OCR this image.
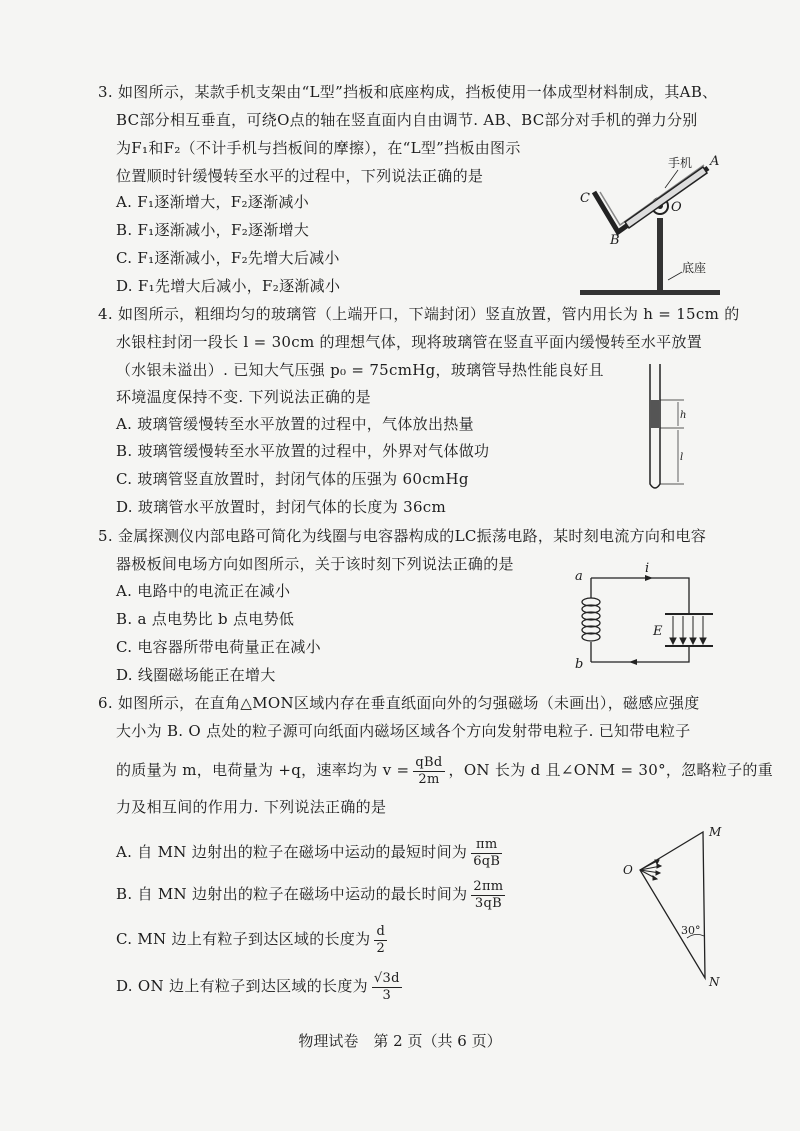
3. 如图所示，某款手机支架由“L型”挡板和底座构成，挡板使用一体成型材料制成，其AB、
BC部分相互垂直，可绕O点的轴在竖直面内自由调节. AB、BC部分对手机的弹力分别
为F₁和F₂（不计手机与挡板间的摩擦），在“L型”挡板由图示
位置顺时针缓慢转至水平的过程中，下列说法正确的是
A. F₁逐渐增大，F₂逐渐减小
B. F₁逐渐减小，F₂逐渐增大
C. F₁逐渐减小，F₂先增大后减小
D. F₁先增大后减小，F₂逐渐减小
手机 A
C
B
O
底座
4. 如图所示，粗细均匀的玻璃管（上端开口，下端封闭）竖直放置，管内用长为 h = 15cm 的
水银柱封闭一段长 l = 30cm 的理想气体，现将玻璃管在竖直平面内缓慢转至水平放置
（水银未溢出）. 已知大气压强 p₀ = 75cmHg，玻璃管导热性能良好且
环境温度保持不变. 下列说法正确的是
A. 玻璃管缓慢转至水平放置的过程中，气体放出热量
B. 玻璃管缓慢转至水平放置的过程中，外界对气体做功
C. 玻璃管竖直放置时，封闭气体的压强为 60cmHg
D. 玻璃管水平放置时，封闭气体的长度为 36cm
h
l
5. 金属探测仪内部电路可简化为线圈与电容器构成的LC振荡电路，某时刻电流方向和电容
器极板间电场方向如图所示，关于该时刻下列说法正确的是
A. 电路中的电流正在减小
B. a 点电势比 b 点电势低
C. 电容器所带电荷量正在减小
D. 线圈磁场能正在增大
a
b
i
E
6. 如图所示，在直角△MON区域内存在垂直纸面向外的匀强磁场（未画出），磁感应强度
大小为 B. O 点处的粒子源可向纸面内磁场区域各个方向发射带电粒子. 已知带电粒子
的质量为 m，电荷量为 +q，速率均为 $v = \frac{\text{qBd}}{2m}$ ，ON 长为 d 且∠ONM = 30°，忽略粒子的重
力及相互间的作用力. 下列说法正确的是
A. 自 MN 边射出的粒子在磁场中运动的最短时间为 $\frac{\pi m}{6qB}$
B. 自 MN 边射出的粒子在磁场中运动的最长时间为 $\frac{2\pi m}{3qB}$
C. MN 边上有粒子到达区域的长度为 $\frac{d}{2}$
D. ON 边上有粒子到达区域的长度为 $\frac{√3d}{3}$
M
O
N
30°
物理试卷　第 2 页（共 6 页）
